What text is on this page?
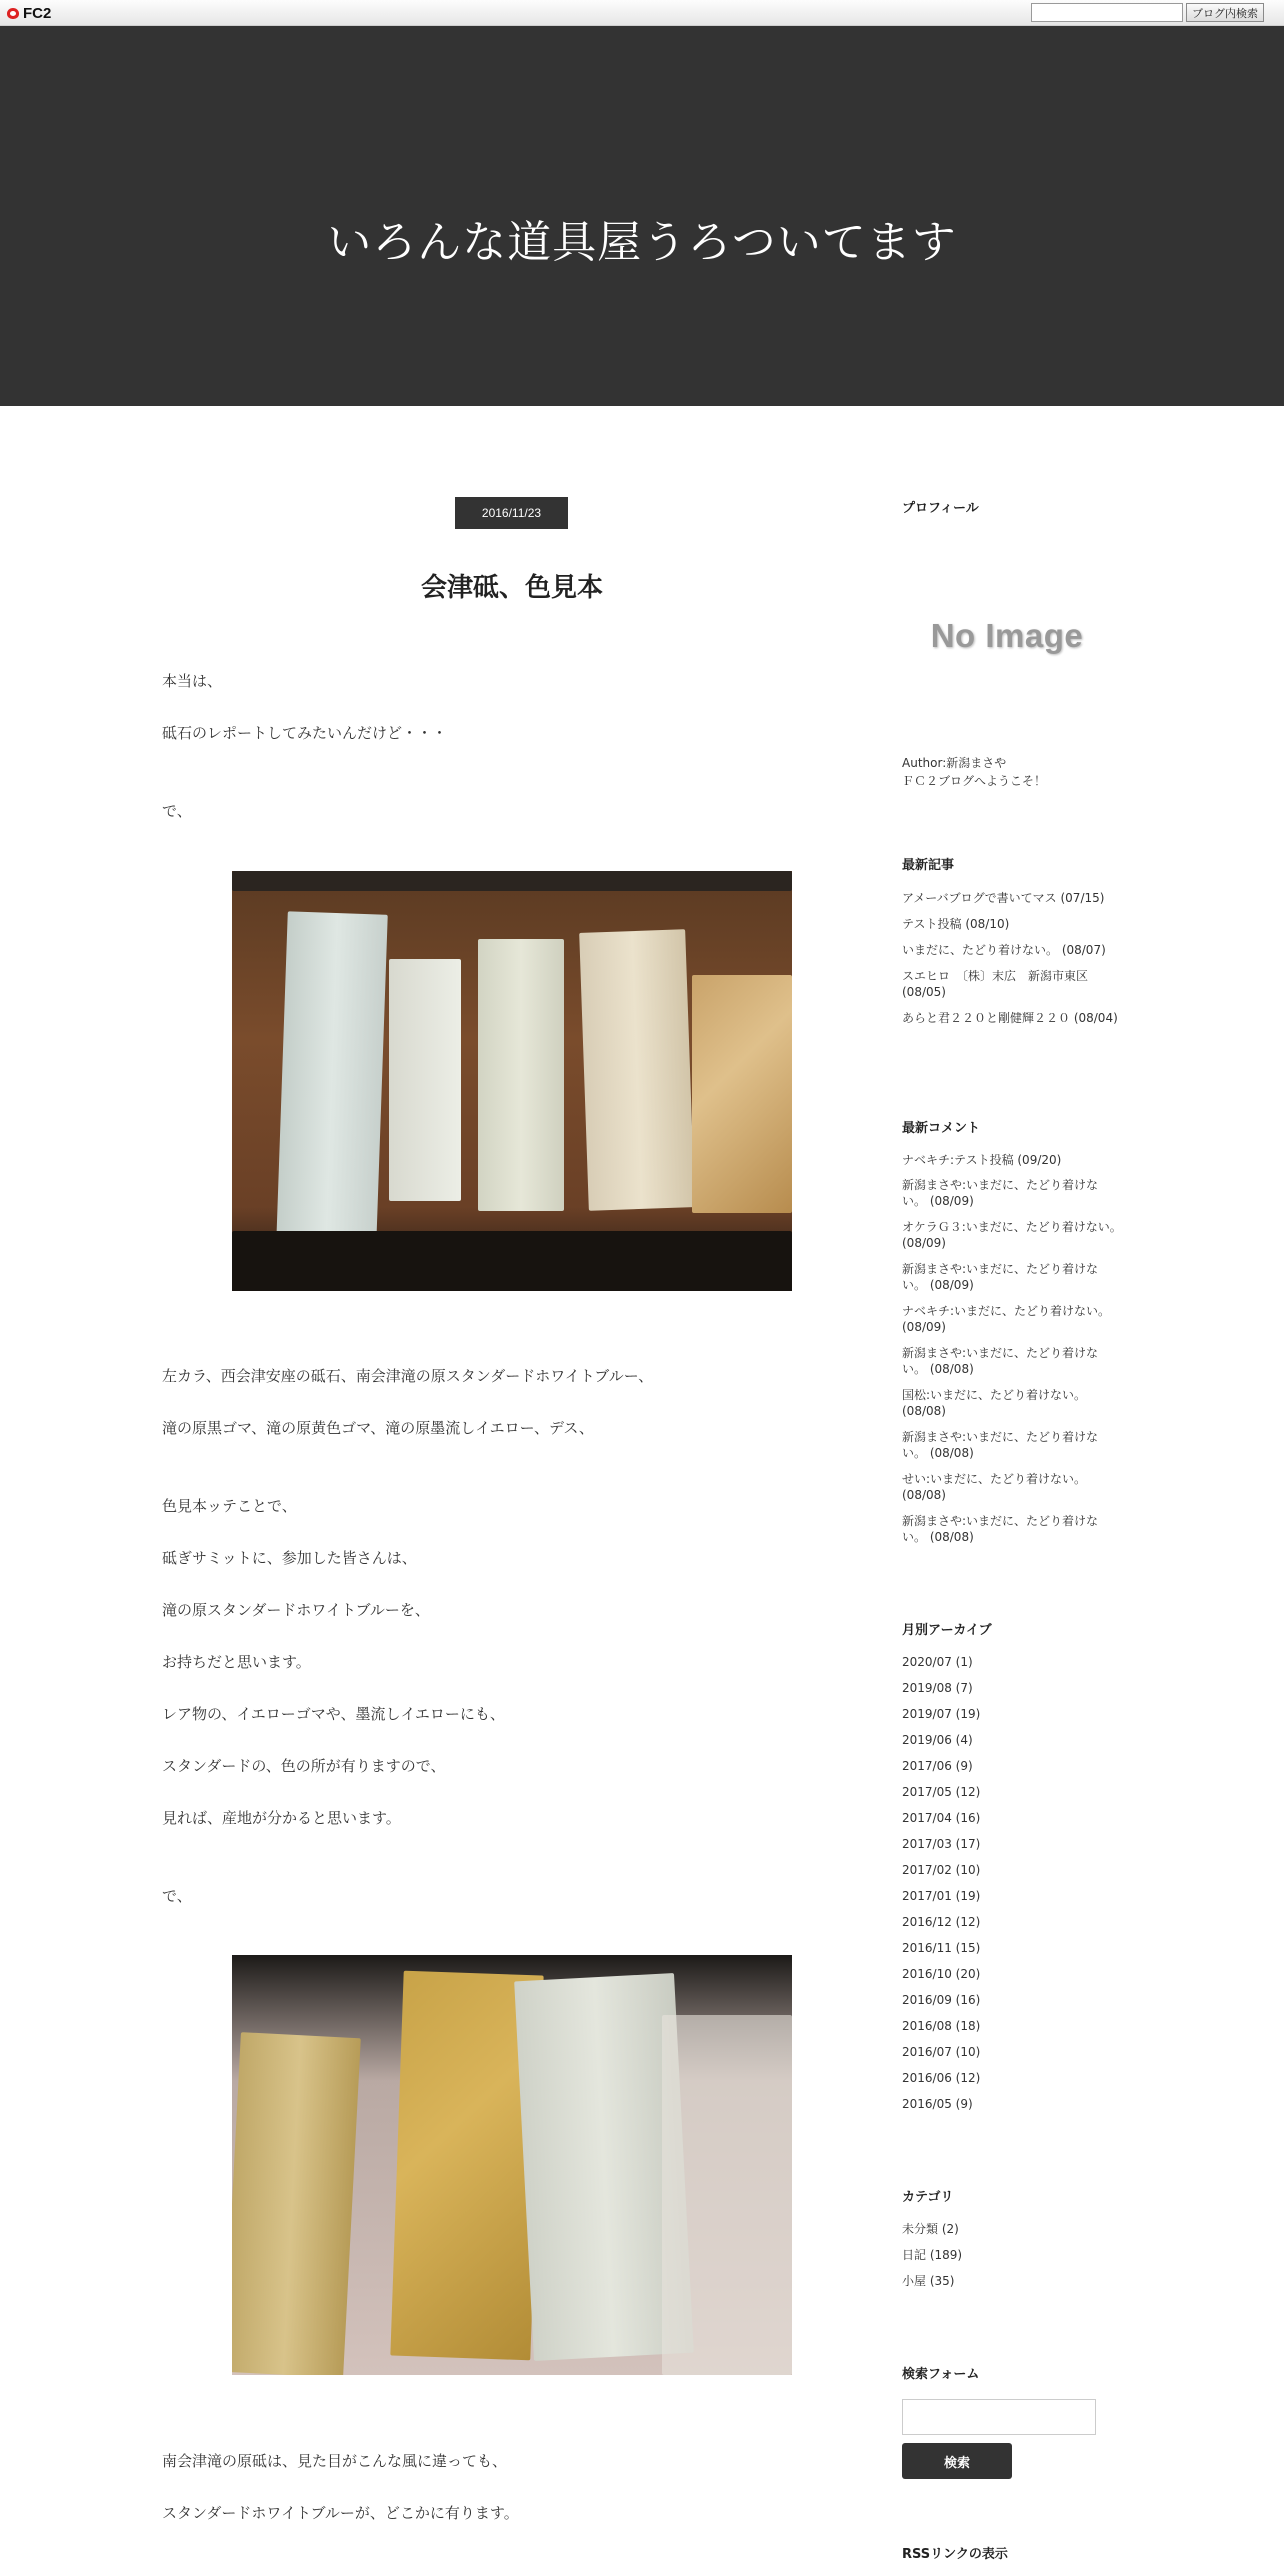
FC2	ブログ内検索
いろんな道具屋うろついてます
2016/11/23
会津砥、色見本
本当は、
砥石のレポートしてみたいんだけど・・・
で、
左カラ、西会津安座の砥石、南会津滝の原スタンダードホワイトブルー、
滝の原黒ゴマ、滝の原黄色ゴマ、滝の原墨流しイエロー、デス、
色見本ッテことで、
砥ぎサミットに、参加した皆さんは、
滝の原スタンダードホワイトブルーを、
お持ちだと思います。
レア物の、イエローゴマや、墨流しイエローにも、
スタンダードの、色の所が有りますので、
見れば、産地が分かると思います。
で、
南会津滝の原砥は、見た目がこんな風に違っても、
スタンダードホワイトブルーが、どこかに有ります。
プロフィール
No Image
Author:新潟まさや
ＦＣ２ブログへようこそ！
最新記事
アメーバブログで書いてマス (07/15)
テスト投稿 (08/10)
いまだに、たどり着けない。 (08/07)
スエヒロ　〔株〕末広　新潟市東区 (08/05)
あらと君２２０と剛健輝２２０ (08/04)
最新コメント
ナベキチ:テスト投稿 (09/20)
新潟まさや:いまだに、たどり着けない。 (08/09)
オケラＧ３:いまだに、たどり着けない。 (08/09)
新潟まさや:いまだに、たどり着けない。 (08/09)
ナベキチ:いまだに、たどり着けない。 (08/09)
新潟まさや:いまだに、たどり着けない。 (08/08)
国松:いまだに、たどり着けない。 (08/08)
新潟まさや:いまだに、たどり着けない。 (08/08)
せい:いまだに、たどり着けない。 (08/08)
新潟まさや:いまだに、たどり着けない。 (08/08)
月別アーカイブ
2020/07 (1)
2019/08 (7)
2019/07 (19)
2019/06 (4)
2017/06 (9)
2017/05 (12)
2017/04 (16)
2017/03 (17)
2017/02 (10)
2017/01 (19)
2016/12 (12)
2016/11 (15)
2016/10 (20)
2016/09 (16)
2016/08 (18)
2016/07 (10)
2016/06 (12)
2016/05 (9)
カテゴリ
未分類 (2)
日記 (189)
小屋 (35)
検索フォーム
検索
RSSリンクの表示
